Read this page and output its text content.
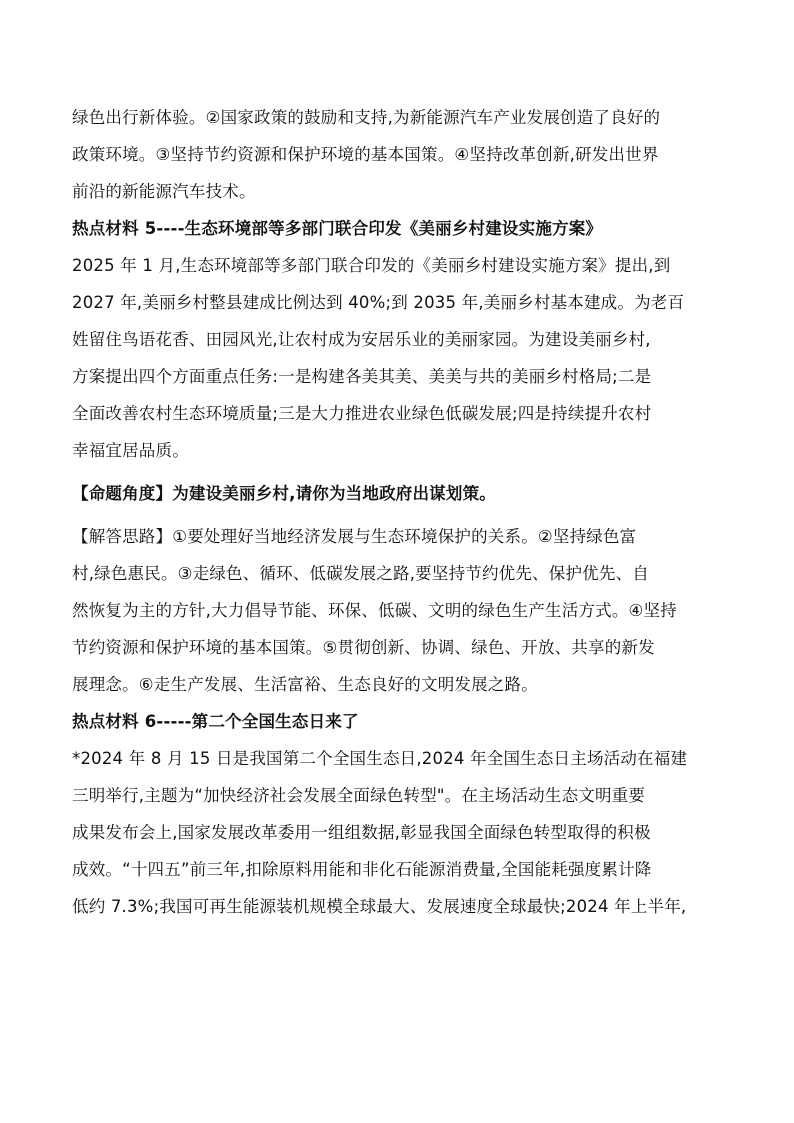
绿色出行新体验。②国家政策的鼓励和支持,为新能源汽车产业发展创造了良好的
政策环境。③坚持节约资源和保护环境的基本国策。④坚持改革创新,研发出世界
前沿的新能源汽车技术。
热点材料 5----生态环境部等多部门联合印发《美丽乡村建设实施方案》
2025 年 1 月,生态环境部等多部门联合印发的《美丽乡村建设实施方案》提出,到
2027 年,美丽乡村整县建成比例达到 40%;到 2035 年,美丽乡村基本建成。为老百
姓留住鸟语花香、田园风光,让农村成为安居乐业的美丽家园。为建设美丽乡村,
方案提出四个方面重点任务:一是构建各美其美、美美与共的美丽乡村格局;二是
全面改善农村生态环境质量;三是大力推进农业绿色低碳发展;四是持续提升农村
幸福宜居品质。
【命题角度】为建设美丽乡村,请你为当地政府出谋划策。
【解答思路】①要处理好当地经济发展与生态环境保护的关系。②坚持绿色富
村,绿色惠民。③走绿色、循环、低碳发展之路,要坚持节约优先、保护优先、自
然恢复为主的方针,大力倡导节能、环保、低碳、文明的绿色生产生活方式。④坚持
节约资源和保护环境的基本国策。⑤贯彻创新、协调、绿色、开放、共享的新发
展理念。⑥走生产发展、生活富裕、生态良好的文明发展之路。
热点材料 6-----第二个全国生态日来了
*2024 年 8 月 15 日是我国第二个全国生态日,2024 年全国生态日主场活动在福建
三明举行,主题为“加快经济社会发展全面绿色转型"。在主场活动生态文明重要
成果发布会上,国家发展改革委用一组组数据,彰显我国全面绿色转型取得的积极
成效。“十四五”前三年,扣除原料用能和非化石能源消费量,全国能耗强度累计降
低约 7.3%;我国可再生能源装机规模全球最大、发展速度全球最快;2024 年上半年,
